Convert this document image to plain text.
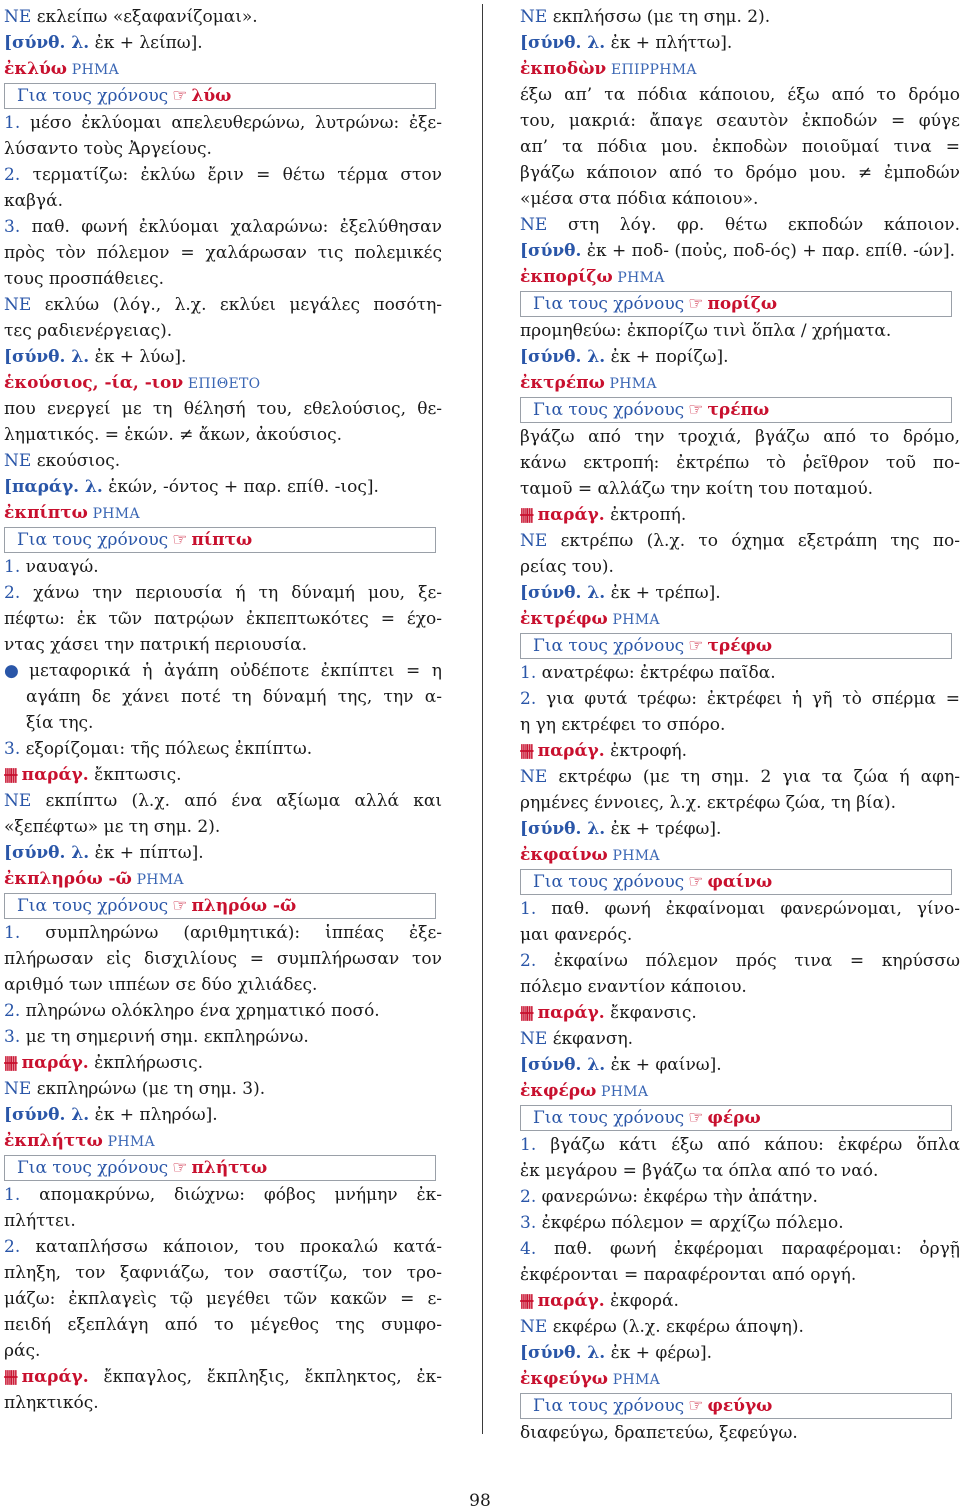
ΝΕ εκλείπω «εξαφανίζομαι».
[σύνθ. λ. ἐκ + λείπω].
ἐκλύω ΡΗΜΑ
Για τους χρόνους ☞ λύω
1. μέσο ἐκλύομαι απελευθερώνω, λυτρώνω: ἐξε-
λύσαντο τοὺς Ἀργείους.
2. τερματίζω: ἐκλύω ἔριν = θέτω τέρμα στον
καβγά.
3. παθ. φωνή ἐκλύομαι χαλαρώνω: ἐξελύθησαν
πρὸς τὸν πόλεμον = χαλάρωσαν τις πολεμικές
τους προσπάθειες.
ΝΕ εκλύω (λόγ., λ.χ. εκλύει μεγάλες ποσότη-
τες ραδιενέργειας).
[σύνθ. λ. ἐκ + λύω].
ἑκούσιος, -ία, -ιον ΕΠΙΘΕΤΟ
που ενεργεί με τη θέλησή του, εθελούσιος, θε-
ληματικός. = ἑκών. ≠ ἄκων, ἀκούσιος.
ΝΕ εκούσιος.
[παράγ. λ. ἑκών, -όντος + παρ. επίθ. -ιος].
ἐκπίπτω ΡΗΜΑ
Για τους χρόνους ☞ πίπτω
1. ναυαγώ.
2. χάνω την περιουσία ή τη δύναμή μου, ξε-
πέφτω: ἐκ τῶν πατρῴων ἐκπεπτωκότες = έχο-
ντας χάσει την πατρική περιουσία.
● μεταφορικά ἡ ἀγάπη οὐδέποτε ἐκπίπτει = η
αγάπη δε χάνει ποτέ τη δύναμή της, την α-
ξία της.
3. εξορίζομαι: τῆς πόλεως ἐκπίπτω.
⫵⫵ παράγ. ἔκπτωσις.
ΝΕ εκπίπτω (λ.χ. από ένα αξίωμα αλλά και
«ξεπέφτω» με τη σημ. 2).
[σύνθ. λ. ἐκ + πίπτω].
ἐκπληρόω -ῶ ΡΗΜΑ
Για τους χρόνους ☞ πληρόω -ῶ
1. συμπληρώνω (αριθμητικά): ἱππέας ἐξε-
πλήρωσαν εἰς δισχιλίους = συμπλήρωσαν τον
αριθμό των ιππέων σε δύο χιλιάδες.
2. πληρώνω ολόκληρο ένα χρηματικό ποσό.
3. με τη σημερινή σημ. εκπληρώνω.
⫵⫵ παράγ. ἐκπλήρωσις.
ΝΕ εκπληρώνω (με τη σημ. 3).
[σύνθ. λ. ἐκ + πληρόω].
ἐκπλήττω ΡΗΜΑ
Για τους χρόνους ☞ πλήττω
1. απομακρύνω, διώχνω: φόβος μνήμην ἐκ-
πλήττει.
2. καταπλήσσω κάποιον, του προκαλώ κατά-
πληξη, τον ξαφνιάζω, τον σαστίζω, τον τρο-
μάζω: ἐκπλαγεὶς τῷ μεγέθει τῶν κακῶν = ε-
πειδή εξεπλάγη από το μέγεθος της συμφο-
ράς.
⫵⫵ παράγ. ἔκπαγλος, ἔκπληξις, ἔκπληκτος, ἐκ-
πληκτικός.
ΝΕ εκπλήσσω (με τη σημ. 2).
[σύνθ. λ. ἐκ + πλήττω].
ἐκποδὼν ΕΠΙΡΡΗΜΑ
έξω απ’ τα πόδια κάποιου, έξω από το δρόμο
του, μακριά: ἄπαγε σεαυτὸν ἐκποδών = φύγε
απ’ τα πόδια μου. ἐκποδὼν ποιοῦμαί τινα =
βγάζω κάποιον από το δρόμο μου. ≠ ἐμποδών
«μέσα στα πόδια κάποιου».
ΝΕ στη λόγ. φρ. θέτω εκποδών κάποιον.
[σύνθ. ἐκ + ποδ- (ποὐς, ποδ-ός) + παρ. επίθ. -ών].
ἐκπορίζω ΡΗΜΑ
Για τους χρόνους ☞ πορίζω
προμηθεύω: ἐκπορίζω τινὶ ὅπλα / χρήματα.
[σύνθ. λ. ἐκ + πορίζω].
ἐκτρέπω ΡΗΜΑ
Για τους χρόνους ☞ τρέπω
βγάζω από την τροχιά, βγάζω από το δρόμο,
κάνω εκτροπή: ἐκτρέπω τὸ ῥεῖθρον τοῦ πο-
ταμοῦ = αλλάζω την κοίτη του ποταμού.
⫵⫵ παράγ. ἐκτροπή.
ΝΕ εκτρέπω (λ.χ. το όχημα εξετράπη της πο-
ρείας του).
[σύνθ. λ. ἐκ + τρέπω].
ἐκτρέφω ΡΗΜΑ
Για τους χρόνους ☞ τρέφω
1. ανατρέφω: ἐκτρέφω παῖδα.
2. για φυτά τρέφω: ἐκτρέφει ἡ γῆ τὸ σπέρμα =
η γη εκτρέφει το σπόρο.
⫵⫵ παράγ. ἐκτροφή.
ΝΕ εκτρέφω (με τη σημ. 2 για τα ζώα ή αφη-
ρημένες έννοιες, λ.χ. εκτρέφω ζώα, τη βία).
[σύνθ. λ. ἐκ + τρέφω].
ἐκφαίνω ΡΗΜΑ
Για τους χρόνους ☞ φαίνω
1. παθ. φωνή ἐκφαίνομαι φανερώνομαι, γίνο-
μαι φανερός.
2. ἐκφαίνω πόλεμον πρός τινα = κηρύσσω
πόλεμο εναντίον κάποιου.
⫵⫵ παράγ. ἔκφανσις.
ΝΕ έκφανση.
[σύνθ. λ. ἐκ + φαίνω].
ἐκφέρω ΡΗΜΑ
Για τους χρόνους ☞ φέρω
1. βγάζω κάτι έξω από κάπου: ἐκφέρω ὅπλα
ἐκ μεγάρου = βγάζω τα όπλα από το ναό.
2. φανερώνω: ἐκφέρω τὴν ἀπάτην.
3. ἐκφέρω πόλεμον = αρχίζω πόλεμο.
4. παθ. φωνή ἐκφέρομαι παραφέρομαι: ὀργῇ
ἐκφέρονται = παραφέρονται από οργή.
⫵⫵ παράγ. ἐκφορά.
ΝΕ εκφέρω (λ.χ. εκφέρω άποψη).
[σύνθ. λ. ἐκ + φέρω].
ἐκφεύγω ΡΗΜΑ
Για τους χρόνους ☞ φεύγω
διαφεύγω, δραπετεύω, ξεφεύγω.
98
